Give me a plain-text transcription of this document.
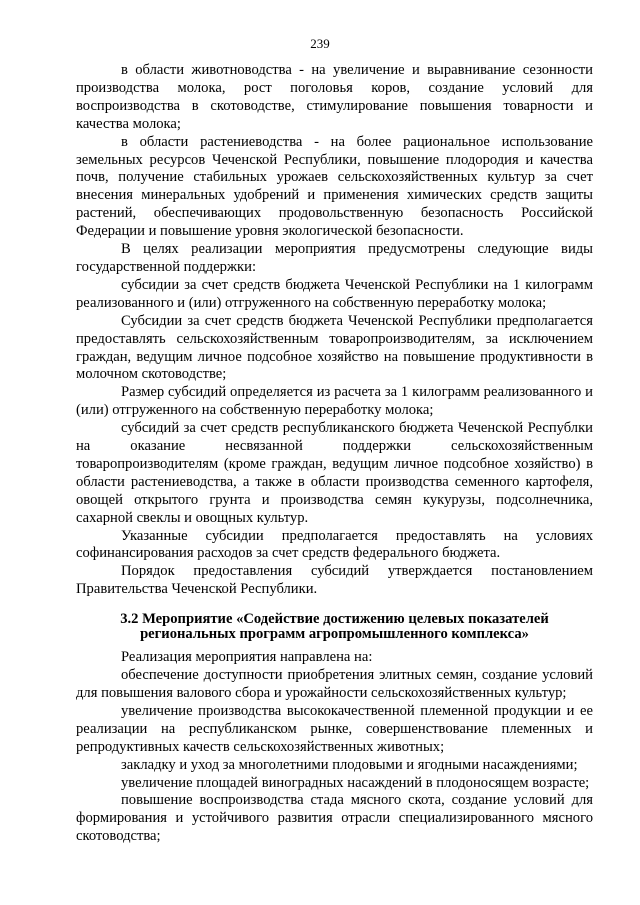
239

в области животноводства - на увеличение и выравнивание сезонности производства молока, рост поголовья коров, создание условий для воспроизводства в скотоводстве, стимулирование повышения товарности и качества молока;

в области растениеводства - на более рациональное использование земельных ресурсов Чеченской Республики, повышение плодородия и качества почв, получение стабильных урожаев сельскохозяйственных культур за счет внесения минеральных удобрений и применения химических средств защиты растений, обеспечивающих продовольственную безопасность Российской Федерации и повышение уровня экологической безопасности.

В целях реализации мероприятия предусмотрены следующие виды государственной поддержки:

субсидии за счет средств бюджета Чеченской Республики на 1 килограмм реализованного и (или) отгруженного на собственную переработку молока;

Субсидии за счет средств бюджета Чеченской Республики предполагается предоставлять сельскохозяйственным товаропроизводителям, за исключением граждан, ведущим личное подсобное хозяйство на повышение продуктивности в молочном скотоводстве;

Размер субсидий определяется из расчета за 1 килограмм реализованного и (или) отгруженного на собственную переработку молока;

субсидий за счет средств республиканского бюджета Чеченской Республки на оказание несвязанной поддержки сельскохозяйственным товаропроизводителям (кроме граждан, ведущим личное подсобное хозяйство) в области растениеводства, а также в области производства семенного картофеля, овощей открытого грунта и производства семян кукурузы, подсолнечника, сахарной свеклы и овощных культур.

Указанные субсидии предполагается предоставлять на условиях софинансирования расходов за счет средств федерального бюджета.

Порядок предоставления субсидий утверждается постановлением Правительства Чеченской Республики.

3.2 Мероприятие «Содействие достижению целевых показателей региональных программ агропромышленного комплекса»

Реализация мероприятия направлена на:

обеспечение доступности приобретения элитных семян, создание условий для повышения валового сбора и урожайности сельскохозяйственных культур;

увеличение производства высококачественной племенной продукции и ее реализации на республиканском рынке, совершенствование племенных и репродуктивных качеств сельскохозяйственных животных;

закладку и уход за многолетними плодовыми и ягодными насаждениями;

увеличение площадей виноградных насаждений в плодоносящем возрасте;

повышение воспроизводства стада мясного скота, создание условий для формирования и устойчивого развития отрасли специализированного мясного скотоводства;
